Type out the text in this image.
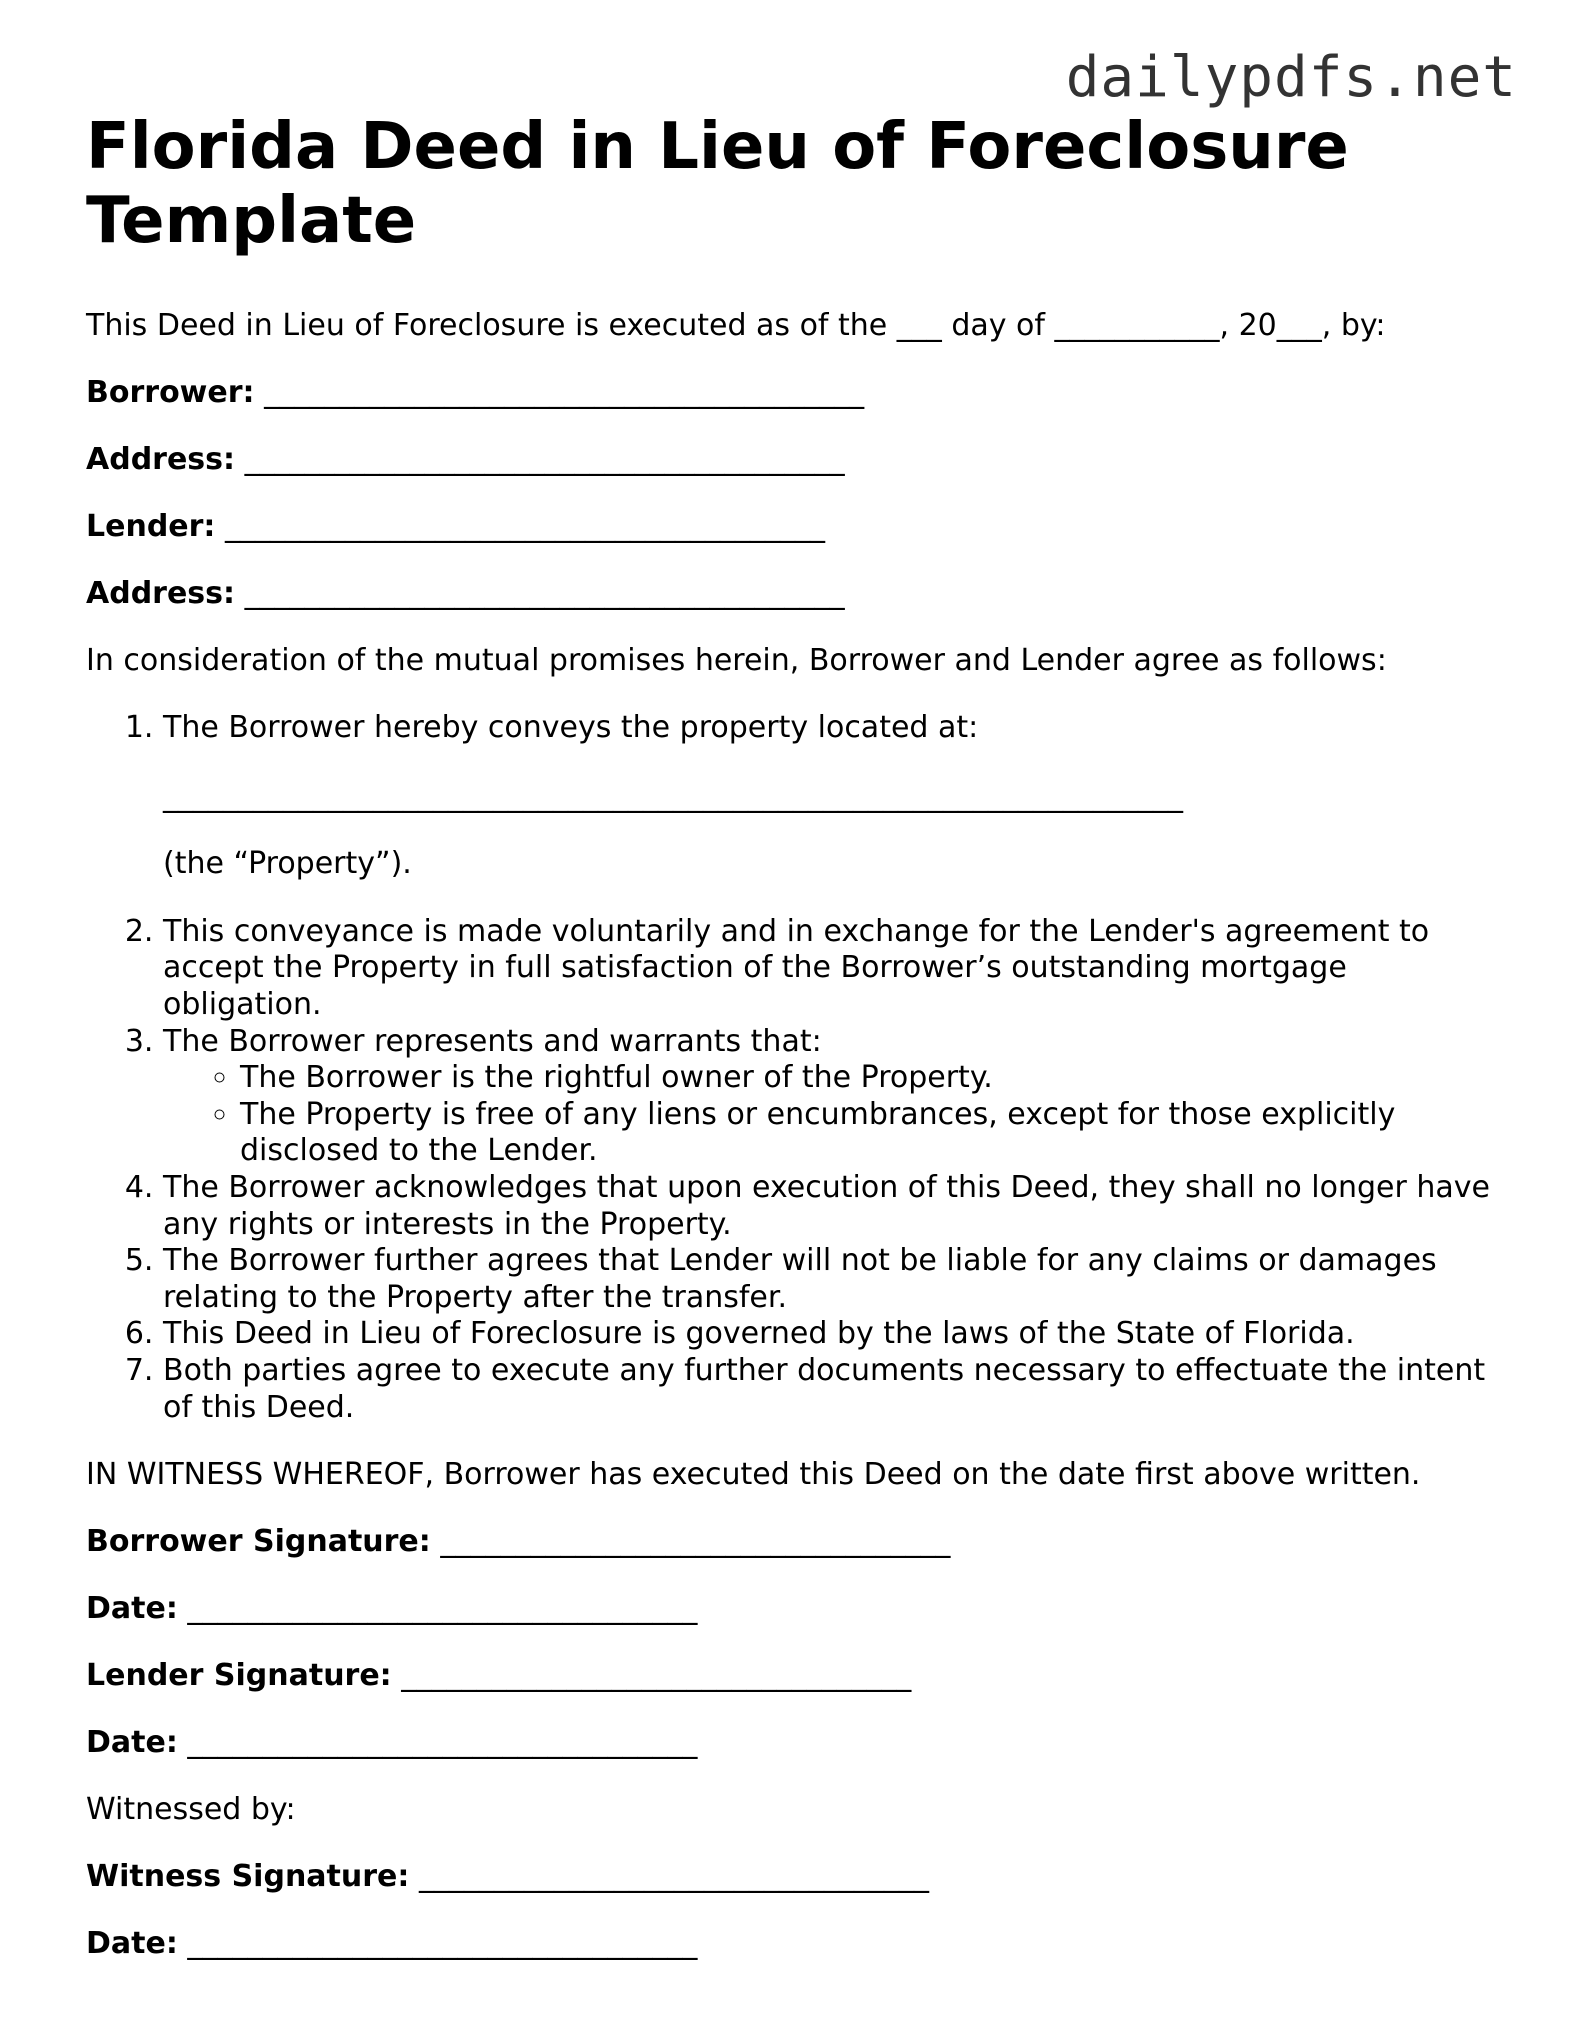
dailypdfs.net
Florida Deed in Lieu of Foreclosure Template

This Deed in Lieu of Foreclosure is executed as of the ___ day of ___________, 20___, by:

Borrower: ________________________________________

Address: ________________________________________

Lender: ________________________________________

Address: ________________________________________

In consideration of the mutual promises herein, Borrower and Lender agree as follows:

1. The Borrower hereby conveys the property located at:
____________________________________________________________________
(the “Property”).
2. This conveyance is made voluntarily and in exchange for the Lender's agreement to accept the Property in full satisfaction of the Borrower’s outstanding mortgage obligation.
3. The Borrower represents and warrants that:
◦ The Borrower is the rightful owner of the Property.
◦ The Property is free of any liens or encumbrances, except for those explicitly disclosed to the Lender.
4. The Borrower acknowledges that upon execution of this Deed, they shall no longer have any rights or interests in the Property.
5. The Borrower further agrees that Lender will not be liable for any claims or damages relating to the Property after the transfer.
6. This Deed in Lieu of Foreclosure is governed by the laws of the State of Florida.
7. Both parties agree to execute any further documents necessary to effectuate the intent of this Deed.

IN WITNESS WHEREOF, Borrower has executed this Deed on the date first above written.

Borrower Signature: __________________________________

Date: __________________________________

Lender Signature: __________________________________

Date: __________________________________

Witnessed by:

Witness Signature: __________________________________

Date: __________________________________
